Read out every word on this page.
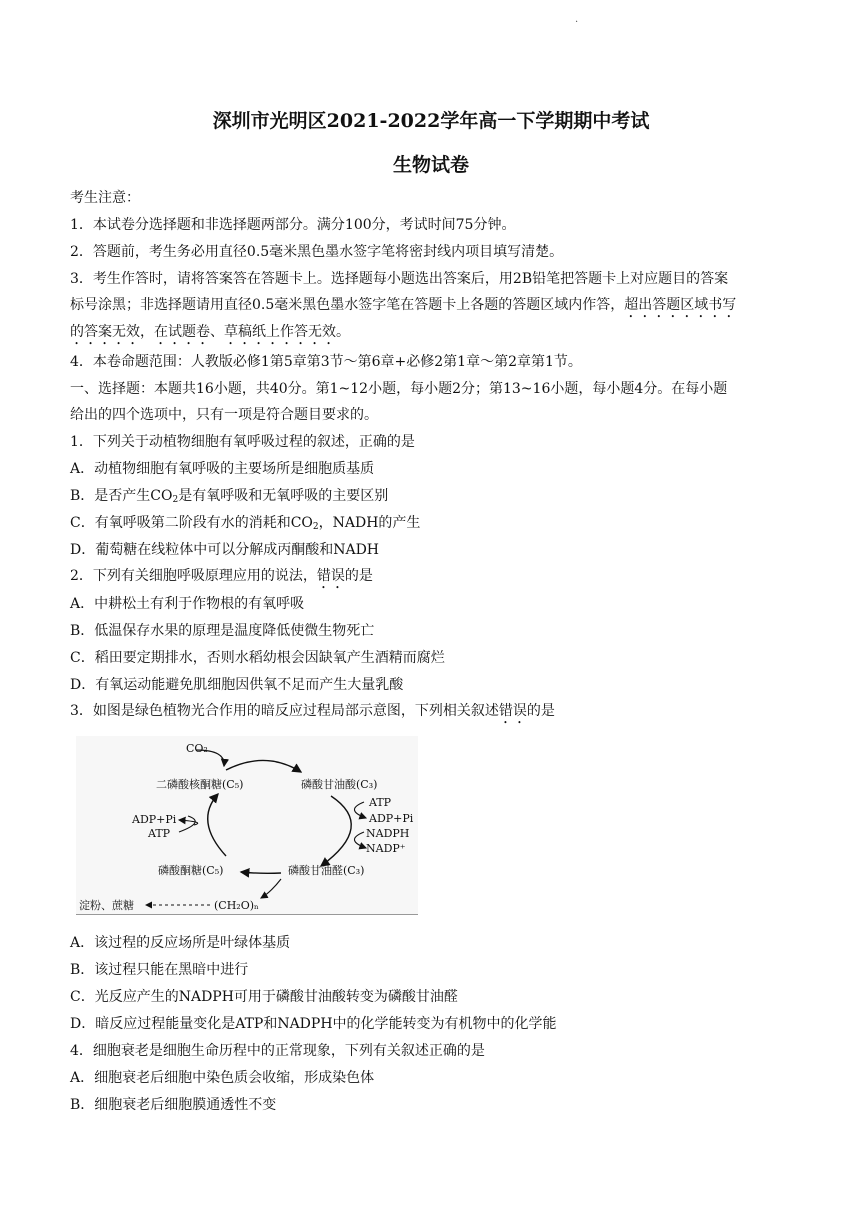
.
深圳市光明区2021-2022学年高一下学期期中考试
生物试卷
考生注意：
1．本试卷分选择题和非选择题两部分。满分100分，考试时间75分钟。
2．答题前，考生务必用直径0.5毫米黑色墨水签字笔将密封线内项目填写清楚。
3．考生作答时，请将答案答在答题卡上。选择题每小题选出答案后，用2B铅笔把答题卡上对应题目的答案
标号涂黑；非选择题请用直径0.5毫米黑色墨水签字笔在答题卡上各题的答题区域内作答，超出答题区域书写
的答案无效，在试题卷、草稿纸上作答无效。
4．本卷命题范围：人教版必修1第5章第3节～第6章+必修2第1章～第2章第1节。
一、选择题：本题共16小题，共40分。第1~12小题，每小题2分；第13~16小题，每小题4分。在每小题
给出的四个选项中，只有一项是符合题目要求的。
1．下列关于动植物细胞有氧呼吸过程的叙述，正确的是
A．动植物细胞有氧呼吸的主要场所是细胞质基质
B．是否产生$CO_2$是有氧呼吸和无氧呼吸的主要区别
C．有氧呼吸第二阶段有水的消耗和$CO_2$，NADH的产生
D．葡萄糖在线粒体中可以分解成丙酮酸和NADH
2．下列有关细胞呼吸原理应用的说法，错误的是
A．中耕松土有利于作物根的有氧呼吸
B．低温保存水果的原理是温度降低使微生物死亡
C．稻田要定期排水，否则水稻幼根会因缺氧产生酒精而腐烂
D．有氧运动能避免肌细胞因供氧不足而产生大量乳酸
3．如图是绿色植物光合作用的暗反应过程局部示意图，下列相关叙述错误的是
A．该过程的反应场所是叶绿体基质
B．该过程只能在黑暗中进行
C．光反应产生的NADPH可用于磷酸甘油酸转变为磷酸甘油醛
D．暗反应过程能量变化是ATP和NADPH中的化学能转变为有机物中的化学能
4．细胞衰老是细胞生命历程中的正常现象，下列有关叙述正确的是
A．细胞衰老后细胞中染色质会收缩，形成染色体
B．细胞衰老后细胞膜通透性不变
CO₂
二磷酸核酮糖(C₅)	磷酸甘油酸(C₃)
ATP
ADP+Pi
NADPH
NADP⁺
ADP+Pi
ATP
磷酸甘油醛(C₃)
磷酸酮糖(C₅)
(CH₂O)ₙ
淀粉、蔗糖
